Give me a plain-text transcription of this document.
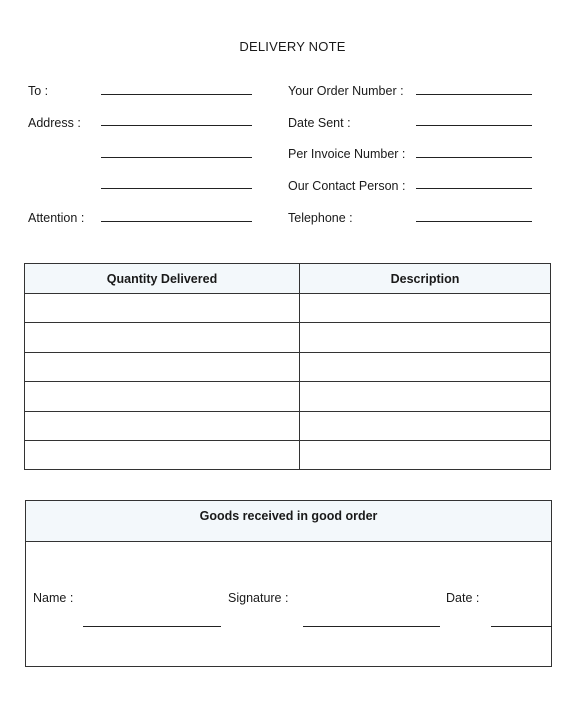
DELIVERY NOTE
To :
Address :
Attention :
Your Order Number :
Date Sent :
Per Invoice Number :
Our Contact Person :
Telephone :
Quantity Delivered	Description

Goods received in good order
Name :	Signature :	Date :
